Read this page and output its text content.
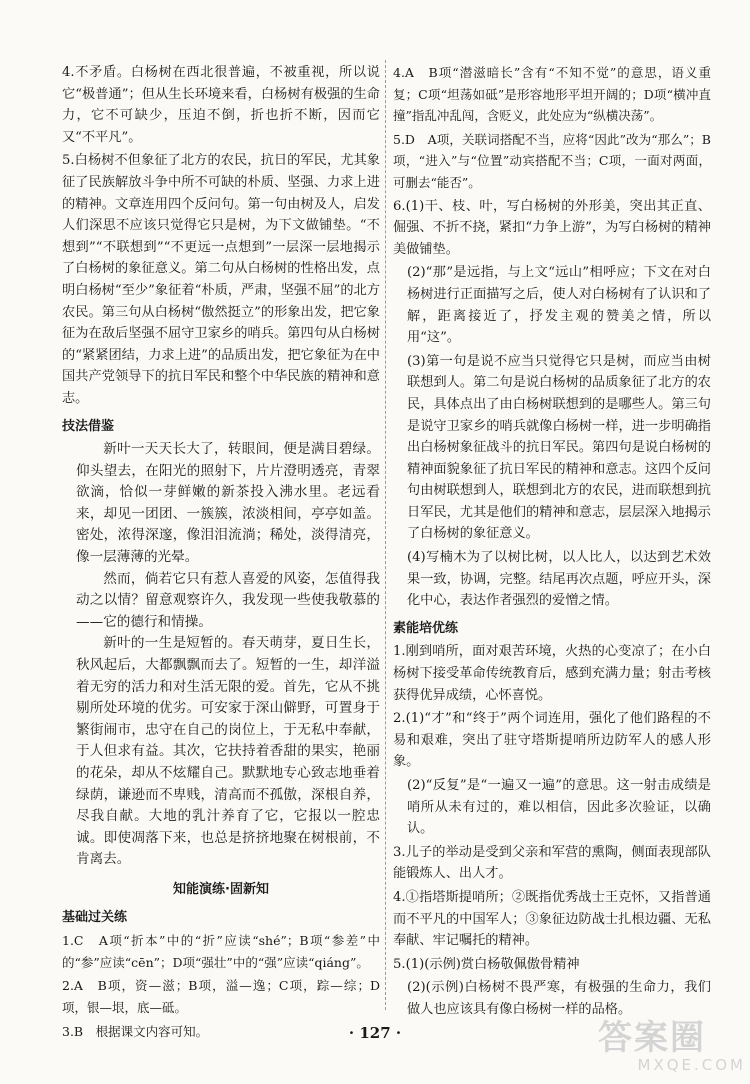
4.不矛盾。白杨树在西北很普遍，不被重视，所以说它“极普通”；但从生长环境来看，白杨树有极强的生命力，它不可缺少，压迫不倒，折也折不断，因而它又“不平凡”。

5.白杨树不但象征了北方的农民，抗日的军民，尤其象征了民族解放斗争中所不可缺的朴质、坚强、力求上进的精神。文章连用四个反问句。第一句由树及人，启发人们深思不应该只觉得它只是树，为下文做铺垫。“不想到”“不联想到”“不更远一点想到”一层深一层地揭示了白杨树的象征意义。第二句从白杨树的性格出发，点明白杨树“至少”象征着“朴质，严肃，坚强不屈”的北方农民。第三句从白杨树“傲然挺立”的形象出发，把它象征为在敌后坚强不屈守卫家乡的哨兵。第四句从白杨树的“紧紧团结，力求上进”的品质出发，把它象征为在中国共产党领导下的抗日军民和整个中华民族的精神和意志。

技法借鉴

新叶一天天长大了，转眼间，便是满目碧绿。仰头望去，在阳光的照射下，片片澄明透亮，青翠欲滴，恰似一芽鲜嫩的新茶投入沸水里。老远看来，却见一团团、一簇簇，浓淡相间，亭亭如盖。密处，浓得深邃，像泪泪流淌；稀处，淡得清亮，像一层薄薄的光晕。

然而，倘若它只有惹人喜爱的风姿，怎值得我动之以情？留意观察许久，我发现一些使我敬慕的——它的德行和情操。

新叶的一生是短暂的。春天萌芽，夏日生长，秋风起后，大都飘飘而去了。短暂的一生，却洋溢着无穷的活力和对生活无限的爱。首先，它从不挑剔所处环境的优劣。可安家于深山僻野，可置身于繁街闹市，忠守在自己的岗位上，于无私中奉献，于人但求有益。其次，它扶持着香甜的果实，艳丽的花朵，却从不炫耀自己。默默地专心致志地垂着绿荫，谦逊而不卑贱，清高而不孤傲，深根自养，尽我自献。大地的乳汁养育了它，它报以一腔忠诚。即使凋落下来，也总是挤挤地聚在树根前，不肯离去。

知能演练·固新知
基础过关练

1.C　A项“折本”中的“折”应读“shé”；B项“参差”中的“参”应读“cēn”；D项“强壮”中的“强”应读“qiáng”。

2.A　B项，资—滋；B项，溢—逸；C项，踪—综；D项，银—垠，底—砥。

3.B　根据课文内容可知。

4.A　B项“潜滋暗长”含有“不知不觉”的意思，语义重复；C项“坦荡如砥”是形容地形平坦开阔的；D项“横冲直撞”指乱冲乱闯，含贬义，此处应为“纵横决荡”。

5.D　A项，关联词搭配不当，应将“因此”改为“那么”；B项，“进入”与“位置”动宾搭配不当；C项，一面对两面，可删去“能否”。

6.(1)干、枝、叶，写白杨树的外形美，突出其正直、倔强、不折不挠，紧扣“力争上游”，为写白杨树的精神美做铺垫。

(2)“那”是远指，与上文“远山”相呼应；下文在对白杨树进行正面描写之后，使人对白杨树有了认识和了解，距离接近了，抒发主观的赞美之情，所以用“这”。

(3)第一句是说不应当只觉得它只是树，而应当由树联想到人。第二句是说白杨树的品质象征了北方的农民，具体点出了由白杨树联想到的是哪些人。第三句是说守卫家乡的哨兵就像白杨树一样，进一步明确指出白杨树象征战斗的抗日军民。第四句是说白杨树的精神面貌象征了抗日军民的精神和意志。这四个反问句由树联想到人，联想到北方的农民，进而联想到抗日军民，尤其是他们的精神和意志，层层深入地揭示了白杨树的象征意义。

(4)写楠木为了以树比树，以人比人，以达到艺术效果一致，协调，完整。结尾再次点题，呼应开头，深化中心，表达作者强烈的爱憎之情。

素能培优练

1.刚到哨所，面对艰苦环境，火热的心变凉了；在小白杨树下接受革命传统教育后，感到充满力量；射击考核获得优异成绩，心怀喜悦。

2.(1)“才”和“终于”两个词连用，强化了他们路程的不易和艰难，突出了驻守塔斯提哨所边防军人的感人形象。

(2)“反复”是“一遍又一遍”的意思。这一射击成绩是哨所从未有过的，难以相信，因此多次验证，以确认。

3.儿子的举动是受到父亲和军营的熏陶，侧面表现部队能锻炼人、出人才。

4.①指塔斯提哨所；②既指优秀战士王克怀，又指普通而不平凡的中国军人；③象征边防战士扎根边疆、无私奉献、牢记嘱托的精神。

5.(1)(示例)赏白杨敬佩傲骨精神

(2)(示例)白杨树不畏严寒，有极强的生命力，我们做人也应该具有像白杨树一样的品格。

· 127 ·	答案圈
MXQE.COM
